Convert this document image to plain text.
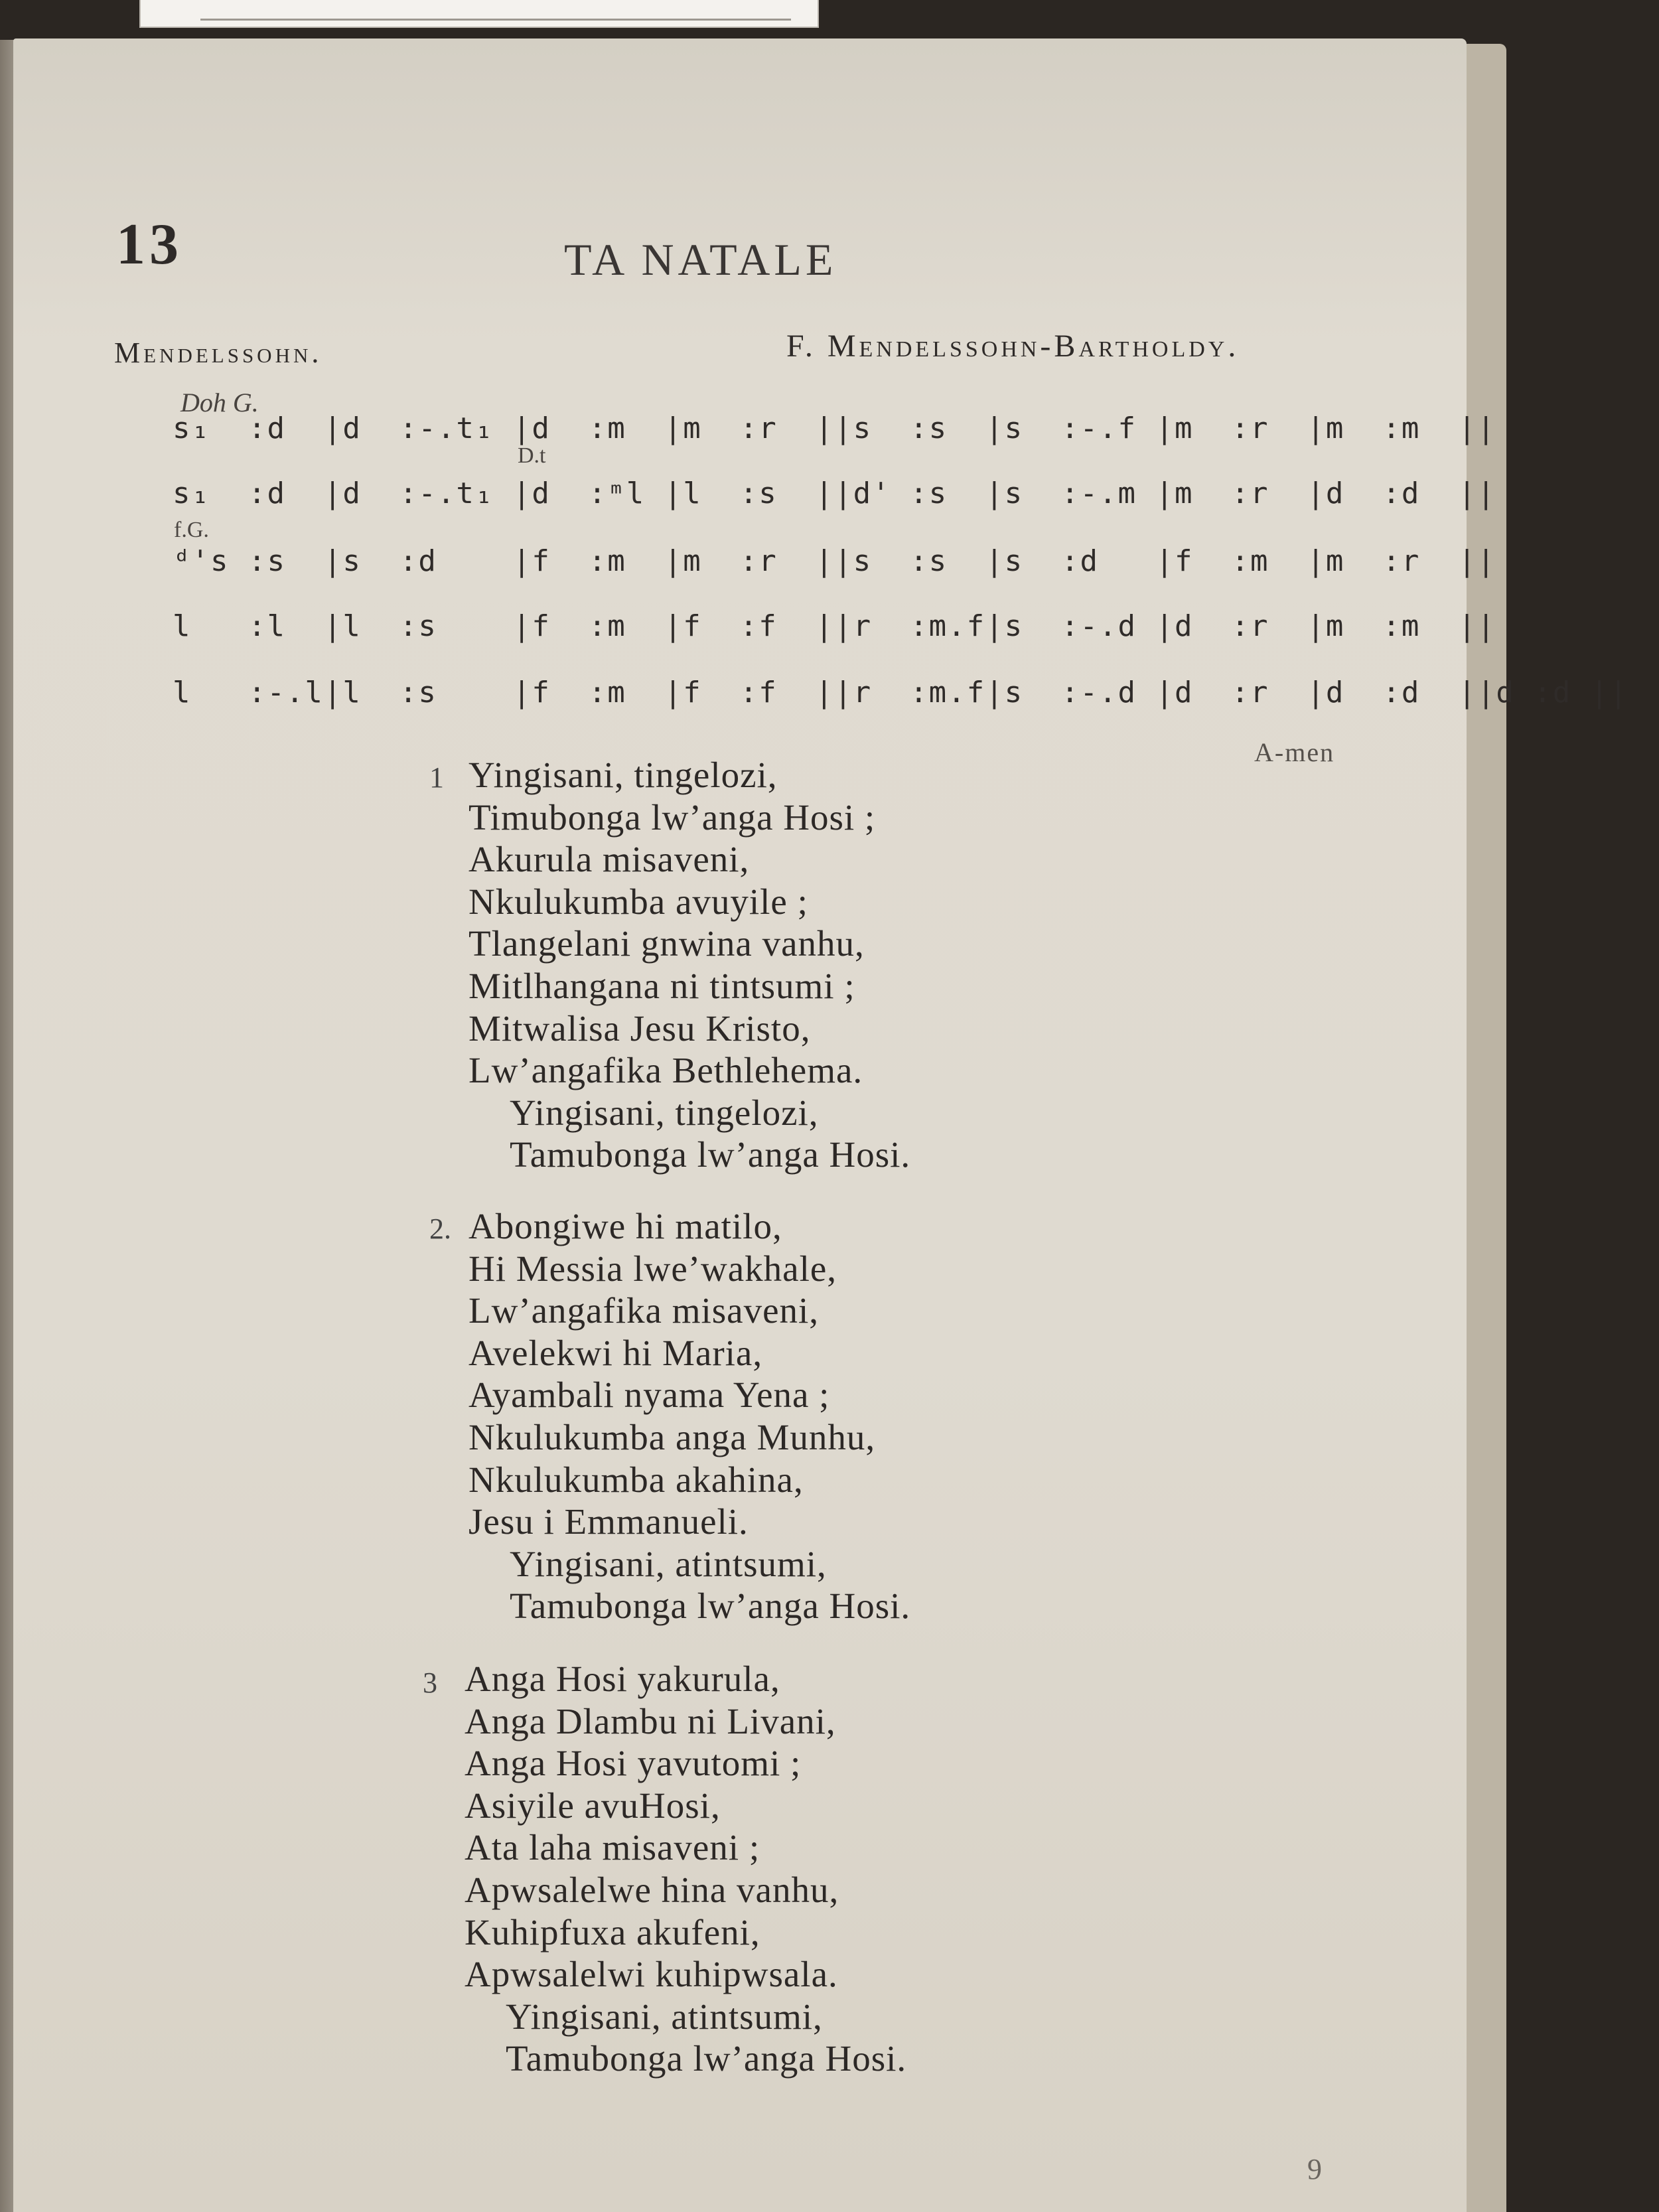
13	TA NATALE
Mendelssohn.	F. Mendelssohn-Bartholdy.
Doh G.
D.t
f.G.
s₁  :d  |d  :-.t₁ |d  :m  |m  :r  ||s  :s  |s  :-.f |m  :r  |m  :m  ||
s₁  :d  |d  :-.t₁ |d  :ᵐl |l  :s  ||d' :s  |s  :-.m |m  :r  |d  :d  ||
ᵈ's :s  |s  :d    |f  :m  |m  :r  ||s  :s  |s  :d   |f  :m  |m  :r  ||
l   :l  |l  :s    |f  :m  |f  :f  ||r  :m.f|s  :-.d |d  :r  |m  :m  ||
l   :-.l|l  :s    |f  :m  |f  :f  ||r  :m.f|s  :-.d |d  :r  |d  :d  ||d :d ||
A-men
1 Yingisani, tingelozi,
Timubonga lw’anga Hosi ;
Akurula misaveni,
Nkulukumba avuyile ;
Tlangelani gnwina vanhu,
Mitlhangana ni tintsumi ;
Mitwalisa Jesu Kristo,
Lw’angafika Bethlehema.
Yingisani, tingelozi,
Tamubonga lw’anga Hosi.
2. Abongiwe hi matilo,
Hi Messia lwe’wakhale,
Lw’angafika misaveni,
Avelekwi hi Maria,
Ayambali nyama Yena ;
Nkulukumba anga Munhu,
Nkulukumba akahina,
Jesu i Emmanueli.
Yingisani, atintsumi,
Tamubonga lw’anga Hosi.
3 Anga Hosi yakurula,
Anga Dlambu ni Livani,
Anga Hosi yavutomi ;
Asiyile avuHosi,
Ata laha misaveni ;
Apwsalelwe hina vanhu,
Kuhipfuxa akufeni,
Apwsalelwi kuhipwsala.
Yingisani, atintsumi,
Tamubonga lw’anga Hosi.
9
